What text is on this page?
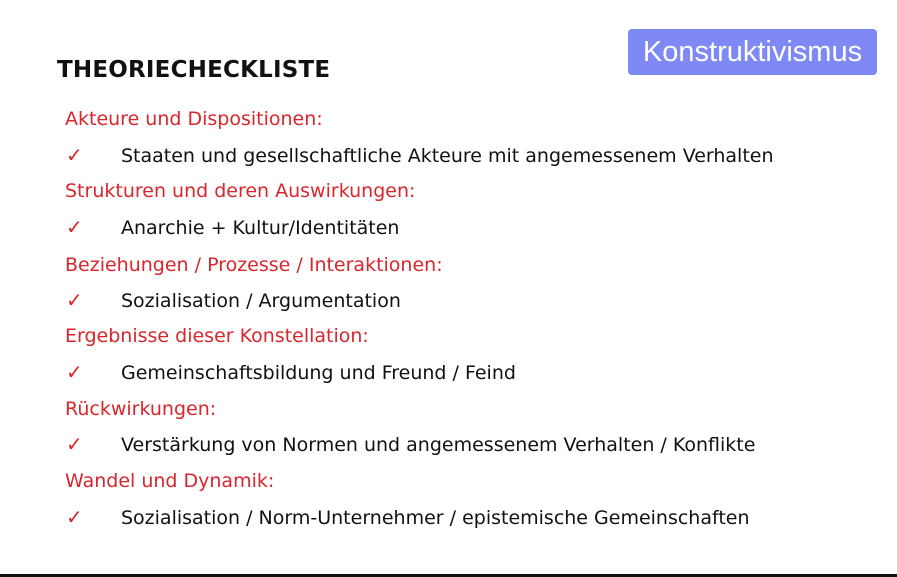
THEORIECHECKLISTE
Konstruktivismus
Akteure und Dispositionen:
✓ Staaten und gesellschaftliche Akteure mit angemessenem Verhalten
Strukturen und deren Auswirkungen:
✓ Anarchie + Kultur/Identitäten
Beziehungen / Prozesse / Interaktionen:
✓ Sozialisation / Argumentation
Ergebnisse dieser Konstellation:
✓ Gemeinschaftsbildung und Freund / Feind
Rückwirkungen:
✓ Verstärkung von Normen und angemessenem Verhalten / Konflikte
Wandel und Dynamik:
✓ Sozialisation / Norm-Unternehmer / epistemische Gemeinschaften
